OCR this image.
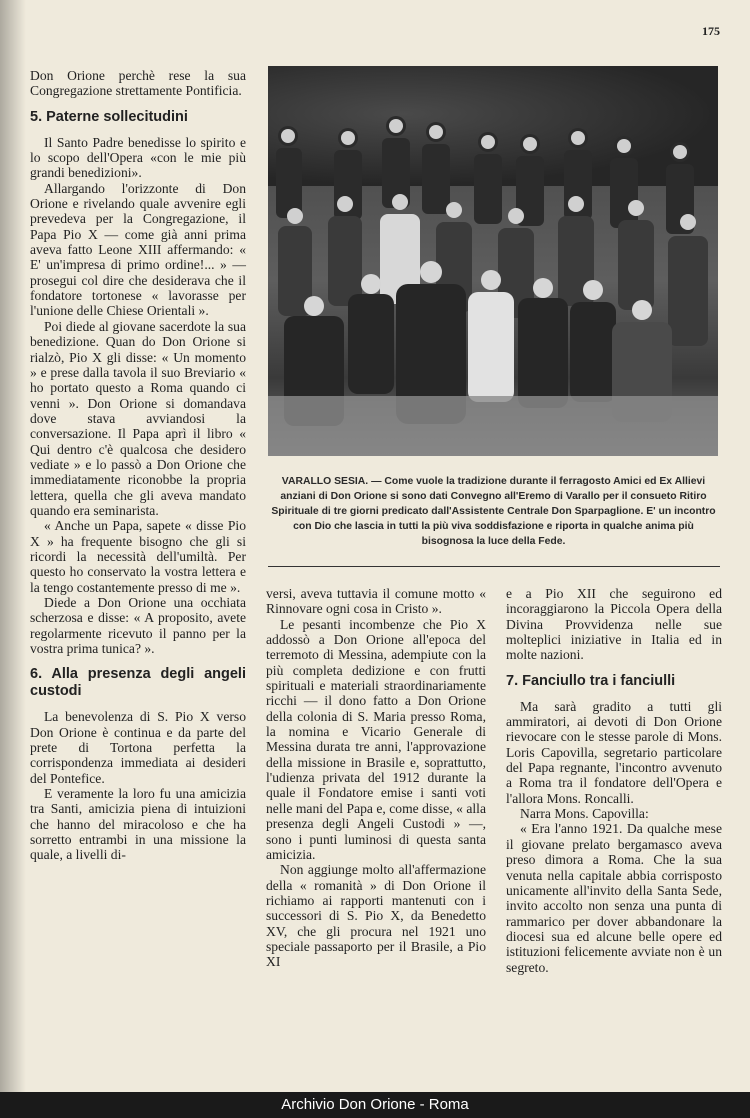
175

Don Orione perchè rese la sua Congregazione strettamente Pontificia.

5. Paterne sollecitudini

Il Santo Padre benedisse lo spirito e lo scopo dell'Opera «con le mie più grandi benedizioni».

Allargando l'orizzonte di Don Orione e rivelando quale avvenire egli prevedeva per la Congregazione, il Papa Pio X — come già anni prima aveva fatto Leone XIII affermando: « E' un'impresa di primo ordine!... » — prosegui col dire che desiderava che il fondatore tortonese « lavorasse per l'unione delle Chiese Orientali ».

Poi diede al giovane sacerdote la sua benedizione. Quan do Don Orione si rialzò, Pio X gli disse: « Un momento » e prese dalla tavola il suo Breviario « ho portato questo a Roma quando ci venni ». Don Orione si domandava dove stava avviandosi la conversazione. Il Papa aprì il libro « Qui dentro c'è qualcosa che desidero vediate » e lo passò a Don Orione che immediatamente riconobbe la propria lettera, quella che gli aveva mandato quando era seminarista.

« Anche un Papa, sapete « disse Pio X » ha frequente bisogno che gli si ricordi la necessità dell'umiltà. Per questo ho conservato la vostra lettera e la tengo costantemente presso di me ».

Diede a Don Orione una occhiata scherzosa e disse: « A proposito, avete regolarmente ricevuto il panno per la vostra prima tunica? ».

6. Alla presenza degli angeli custodi

La benevolenza di S. Pio X verso Don Orione è continua e da parte del prete di Tortona perfetta la corrispondenza immediata ai desideri del Pontefice.

E veramente la loro fu una amicizia tra Santi, amicizia piena di intuizioni che hanno del miracoloso e che ha sorretto entrambi in una missione la quale, a livelli di-

VARALLO SESIA. — Come vuole la tradizione durante il ferragosto Amici ed Ex Allievi anziani di Don Orione si sono dati Convegno all'Eremo di Varallo per il consueto Ritiro Spirituale di tre giorni predicato dall'Assistente Centrale Don Sparpaglione. E' un incontro con Dio che lascia in tutti la più viva soddisfazione e riporta in qualche anima più bisognosa la luce della Fede.

versi, aveva tuttavia il comune motto « Rinnovare ogni cosa in Cristo ».

Le pesanti incombenze che Pio X addossò a Don Orione all'epoca del terremoto di Messina, adempiute con la più completa dedizione e con frutti spirituali e materiali straordinariamente ricchi — il dono fatto a Don Orione della colonia di S. Maria presso Roma, la nomina e Vicario Generale di Messina durata tre anni, l'approvazione della missione in Brasile e, soprattutto, l'udienza privata del 1912 durante la quale il Fondatore emise i santi voti nelle mani del Papa e, come disse, « alla presenza degli Angeli Custodi » —, sono i punti luminosi di questa santa amicizia.

Non aggiunge molto all'affermazione della « romanità » di Don Orione il richiamo ai rapporti mantenuti con i successori di S. Pio X, da Benedetto XV, che gli procura nel 1921 uno speciale passaporto per il Brasile, a Pio XI

e a Pio XII che seguirono ed incoraggiarono la Piccola Opera della Divina Provvidenza nelle sue molteplici iniziative in Italia ed in molte nazioni.

7. Fanciullo tra i fanciulli

Ma sarà gradito a tutti gli ammiratori, ai devoti di Don Orione rievocare con le stesse parole di Mons. Loris Capovilla, segretario particolare del Papa regnante, l'incontro avvenuto a Roma tra il fondatore dell'Opera e l'allora Mons. Roncalli.

Narra Mons. Capovilla:

« Era l'anno 1921. Da qualche mese il giovane prelato bergamasco aveva preso dimora a Roma. Che la sua venuta nella capitale abbia corrisposto unicamente all'invito della Santa Sede, invito accolto non senza una punta di rammarico per dover abbandonare la diocesi sua ed alcune belle opere ed istituzioni felicemente avviate non è un segreto.

Archivio Don Orione - Roma
